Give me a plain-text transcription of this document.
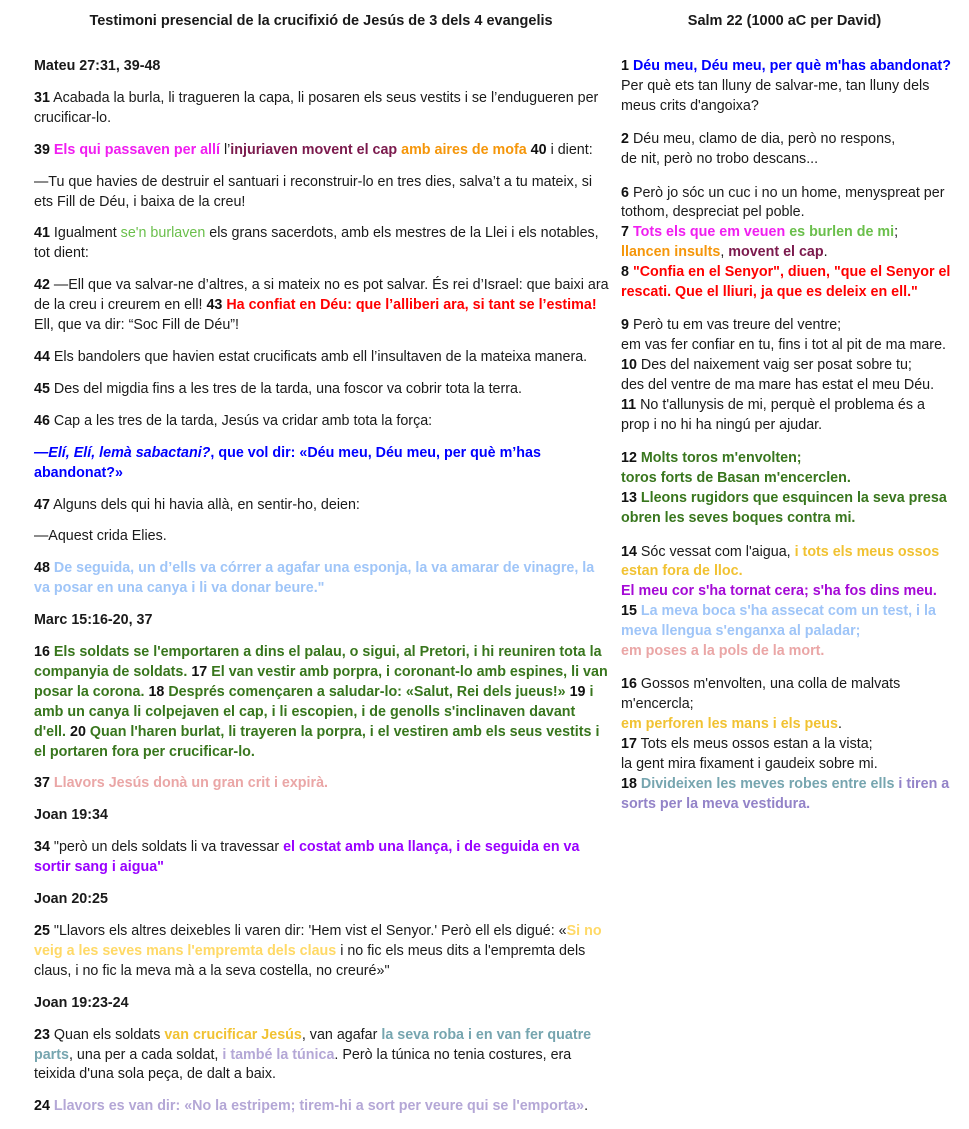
Testimoni presencial de la crucifixió de Jesús de 3 dels 4 evangelis	Salm 22 (1000 aC per David)

Mateu 27:31, 39-48

31 Acabada la burla, li tragueren la capa, li posaren els seus vestits i se l’endugueren per crucificar-lo.

39 Els qui passaven per allí l’injuriaven movent el cap amb aires de mofa 40 i dient:

—Tu que havies de destruir el santuari i reconstruir-lo en tres dies, salva’t a tu mateix, si ets Fill de Déu, i baixa de la creu!

41 Igualment se'n burlaven els grans sacerdots, amb els mestres de la Llei i els notables, tot dient:

42 —Ell que va salvar-ne d’altres, a si mateix no es pot salvar. És rei d’Israel: que baixi ara de la creu i creurem en ell! 43 Ha confiat en Déu: que l’alliberi ara, si tant se l’estima! Ell, que va dir: “Soc Fill de Déu”!

44 Els bandolers que havien estat crucificats amb ell l’insultaven de la mateixa manera.

45 Des del migdia fins a les tres de la tarda, una foscor va cobrir tota la terra.

46 Cap a les tres de la tarda, Jesús va cridar amb tota la força:

—Elí, Elí, lemà sabactani?, que vol dir: «Déu meu, Déu meu, per què m’has abandonat?»

47 Alguns dels qui hi havia allà, en sentir-ho, deien:

—Aquest crida Elies.

48 De seguida, un d’ells va córrer a agafar una esponja, la va amarar de vinagre, la va posar en una canya i li va donar beure."

Marc 15:16-20, 37

16 Els soldats se l'emportaren a dins el palau, o sigui, al Pretori, i hi reuniren tota la companyia de soldats. 17 El van vestir amb porpra, i coronant-lo amb espines, li van posar la corona. 18 Després començaren a saludar-lo: «Salut, Rei dels jueus!» 19 i amb un canya li colpejaven el cap, i li escopien, i de genolls s'inclinaven davant d'ell. 20 Quan l'haren burlat, li trayeren la porpra, i el vestiren amb els seus vestits i el portaren fora per crucificar-lo.

37 Llavors Jesús donà un gran crit i expirà.

Joan 19:34

34 "però un dels soldats li va travessar el costat amb una llança, i de seguida en va sortir sang i aigua"

Joan 20:25

25 "Llavors els altres deixebles li varen dir: 'Hem vist el Senyor.' Però ell els digué: «Si no veig a les seves mans l'empremta dels claus i no fic els meus dits a l'empremta dels claus, i no fic la meva mà a la seva costella, no creuré»"

Joan 19:23-24

23 Quan els soldats van crucificar Jesús, van agafar la seva roba i en van fer quatre parts, una per a cada soldat, i també la túnica. Però la túnica no tenia costures, era teixida d'una sola peça, de dalt a baix.

24 Llavors es van dir: «No la estripem; tirem-hi a sort per veure qui se l'emporta».

1 Déu meu, Déu meu, per què m'has abandonat?
Per què ets tan lluny de salvar-me, tan lluny dels meus crits d'angoixa?

2 Déu meu, clamo de dia, però no respons,
de nit, però no trobo descans...

6 Però jo sóc un cuc i no un home, menyspreat per tothom, despreciat pel poble.
7 Tots els que em veuen es burlen de mi;
llancen insults, movent el cap.
8 "Confia en el Senyor", diuen, "que el Senyor el rescati. Que el lliuri, ja que es deleix en ell."

9 Però tu em vas treure del ventre;
em vas fer confiar en tu, fins i tot al pit de ma mare.
10 Des del naixement vaig ser posat sobre tu;
des del ventre de ma mare has estat el meu Déu.
11 No t'allunysis de mi, perquè el problema és a prop i no hi ha ningú per ajudar.

12 Molts toros m'envolten;
toros forts de Basan m'encerclen.
13 Lleons rugidors que esquincen la seva presa obren les seves boques contra mi.

14 Sóc vessat com l'aigua, i tots els meus ossos estan fora de lloc.
El meu cor s'ha tornat cera; s'ha fos dins meu.
15 La meva boca s'ha assecat com un test, i la meva llengua s'enganxa al paladar;
em poses a la pols de la mort.

16 Gossos m'envolten, una colla de malvats m'encercla;
em perforen les mans i els peus.
17 Tots els meus ossos estan a la vista;
la gent mira fixament i gaudeix sobre mi.
18 Divideixen les meves robes entre ells i tiren a sorts per la meva vestidura.
